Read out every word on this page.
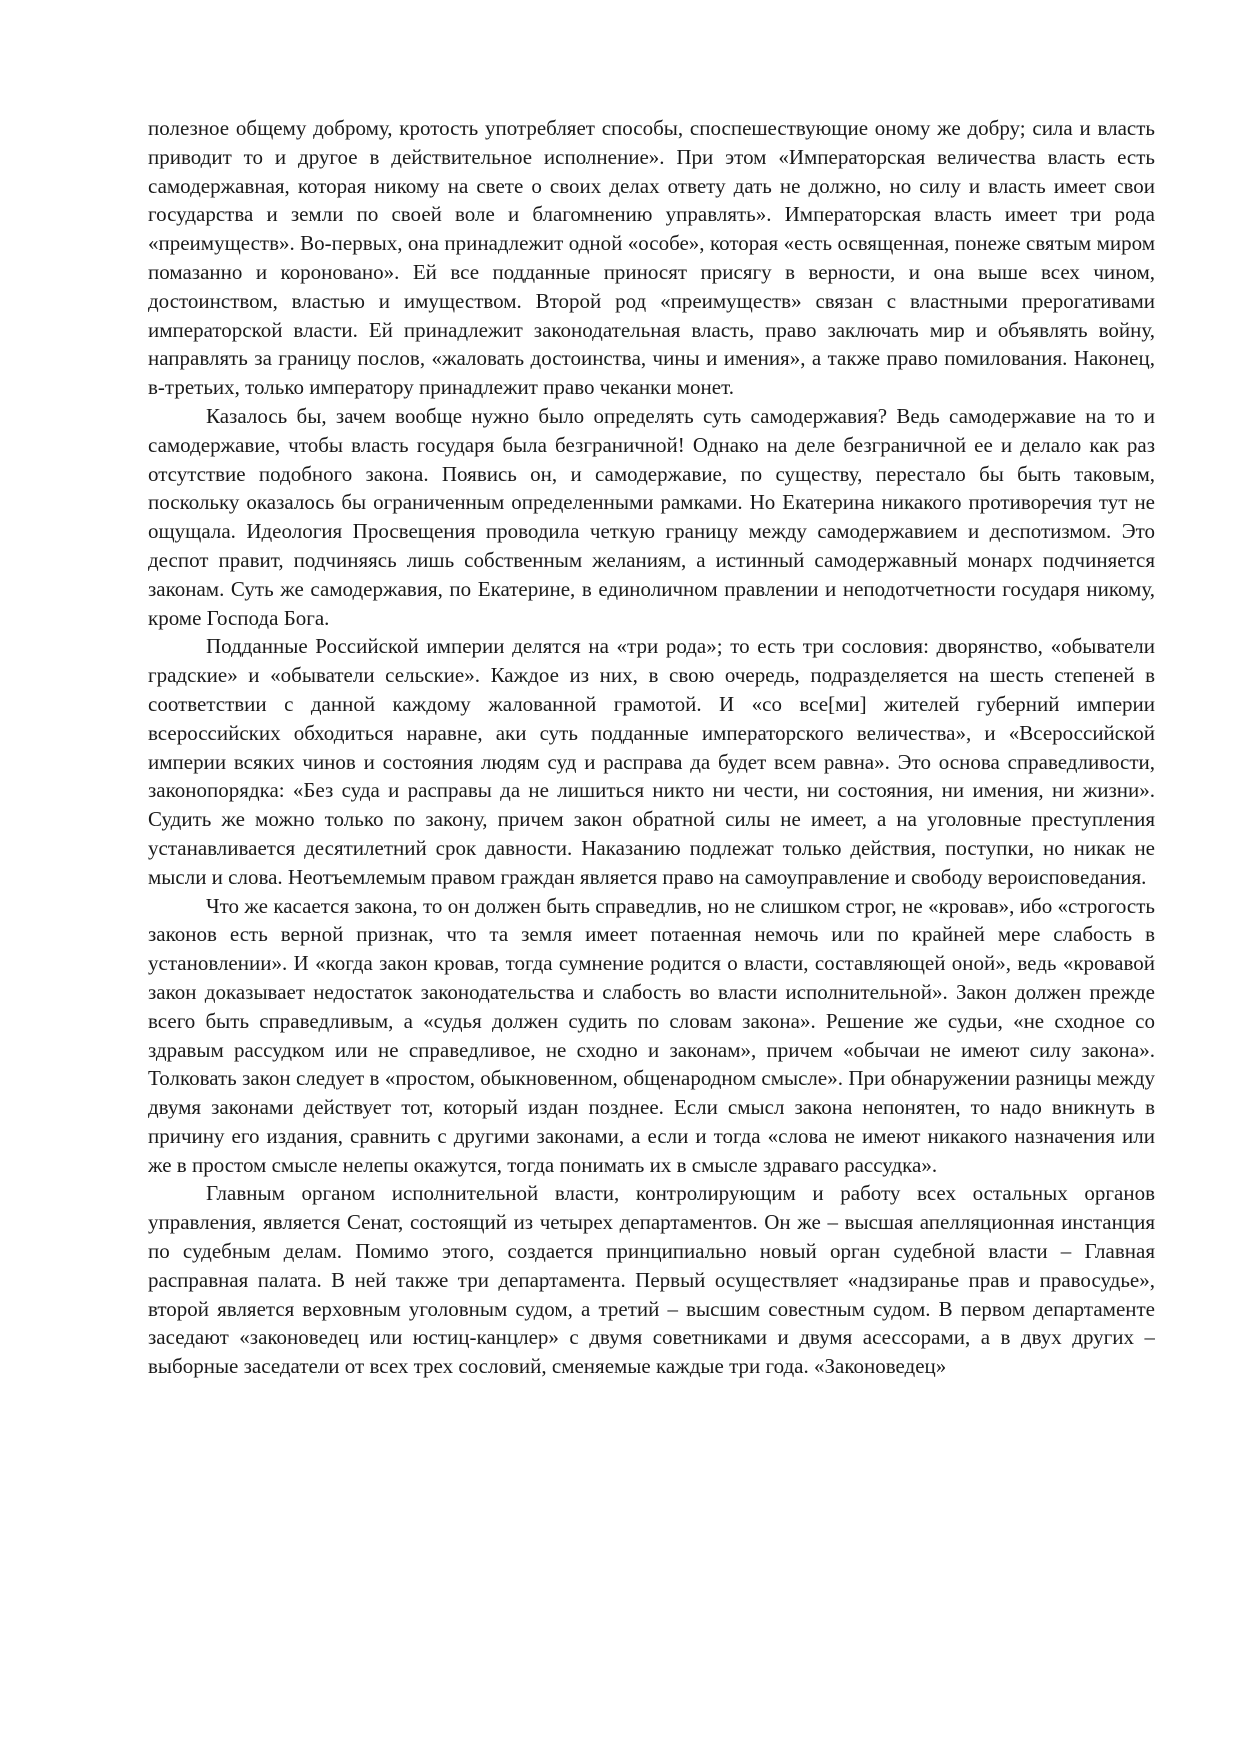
полезное общему доброму, кротость употребляет способы, споспешествующие оному же добру; сила и власть приводит то и другое в действительное исполнение». При этом «Императорская величества власть есть самодержавная, которая никому на свете о своих делах ответу дать не должно, но силу и власть имеет свои государства и земли по своей воле и благомнению управлять». Императорская власть имеет три рода «преимуществ». Во-первых, она принадлежит одной «особе», которая «есть освященная, понеже святым миром помазанно и короновано». Ей все подданные приносят присягу в верности, и она выше всех чином, достоинством, властью и имуществом. Второй род «преимуществ» связан с властными прерогативами императорской власти. Ей принадлежит законодательная власть, право заключать мир и объявлять войну, направлять за границу послов, «жаловать достоинства, чины и имения», а также право помилования. Наконец, в-третьих, только императору принадлежит право чеканки монет.

Казалось бы, зачем вообще нужно было определять суть самодержавия? Ведь самодержавие на то и самодержавие, чтобы власть государя была безграничной! Однако на деле безграничной ее и делало как раз отсутствие подобного закона. Появись он, и самодержавие, по существу, перестало бы быть таковым, поскольку оказалось бы ограниченным определенными рамками. Но Екатерина никакого противоречия тут не ощущала. Идеология Просвещения проводила четкую границу между самодержавием и деспотизмом. Это деспот правит, подчиняясь лишь собственным желаниям, а истинный самодержавный монарх подчиняется законам. Суть же самодержавия, по Екатерине, в единоличном правлении и неподотчетности государя никому, кроме Господа Бога.

Подданные Российской империи делятся на «три рода»; то есть три сословия: дворянство, «обыватели градские» и «обыватели сельские». Каждое из них, в свою очередь, подразделяется на шесть степеней в соответствии с данной каждому жалованной грамотой. И «со все[ми] жителей губерний империи всероссийских обходиться наравне, аки суть подданные императорского величества», и «Всероссийской империи всяких чинов и состояния людям суд и расправа да будет всем равна». Это основа справедливости, законопорядка: «Без суда и расправы да не лишиться никто ни чести, ни состояния, ни имения, ни жизни». Судить же можно только по закону, причем закон обратной силы не имеет, а на уголовные преступления устанавливается десятилетний срок давности. Наказанию подлежат только действия, поступки, но никак не мысли и слова. Неотъемлемым правом граждан является право на самоуправление и свободу вероисповедания.

Что же касается закона, то он должен быть справедлив, но не слишком строг, не «кровав», ибо «строгость законов есть верной признак, что та земля имеет потаенная немочь или по крайней мере слабость в установлении». И «когда закон кровав, тогда сумнение родится о власти, составляющей оной», ведь «кровавой закон доказывает недостаток законодательства и слабость во власти исполнительной». Закон должен прежде всего быть справедливым, а «судья должен судить по словам закона». Решение же судьи, «не сходное со здравым рассудком или не справедливое, не сходно и законам», причем «обычаи не имеют силу закона». Толковать закон следует в «простом, обыкновенном, общенародном смысле». При обнаружении разницы между двумя законами действует тот, который издан позднее. Если смысл закона непонятен, то надо вникнуть в причину его издания, сравнить с другими законами, а если и тогда «слова не имеют никакого назначения или же в простом смысле нелепы окажутся, тогда понимать их в смысле здраваго рассудка».

Главным органом исполнительной власти, контролирующим и работу всех остальных органов управления, является Сенат, состоящий из четырех департаментов. Он же – высшая апелляционная инстанция по судебным делам. Помимо этого, создается принципиально новый орган судебной власти – Главная расправная палата. В ней также три департамента. Первый осуществляет «надзиранье прав и правосудье», второй является верховным уголовным судом, а третий – высшим совестным судом. В первом департаменте заседают «законоведец или юстиц-канцлер» с двумя советниками и двумя асессорами, а в двух других – выборные заседатели от всех трех сословий, сменяемые каждые три года. «Законоведец»
